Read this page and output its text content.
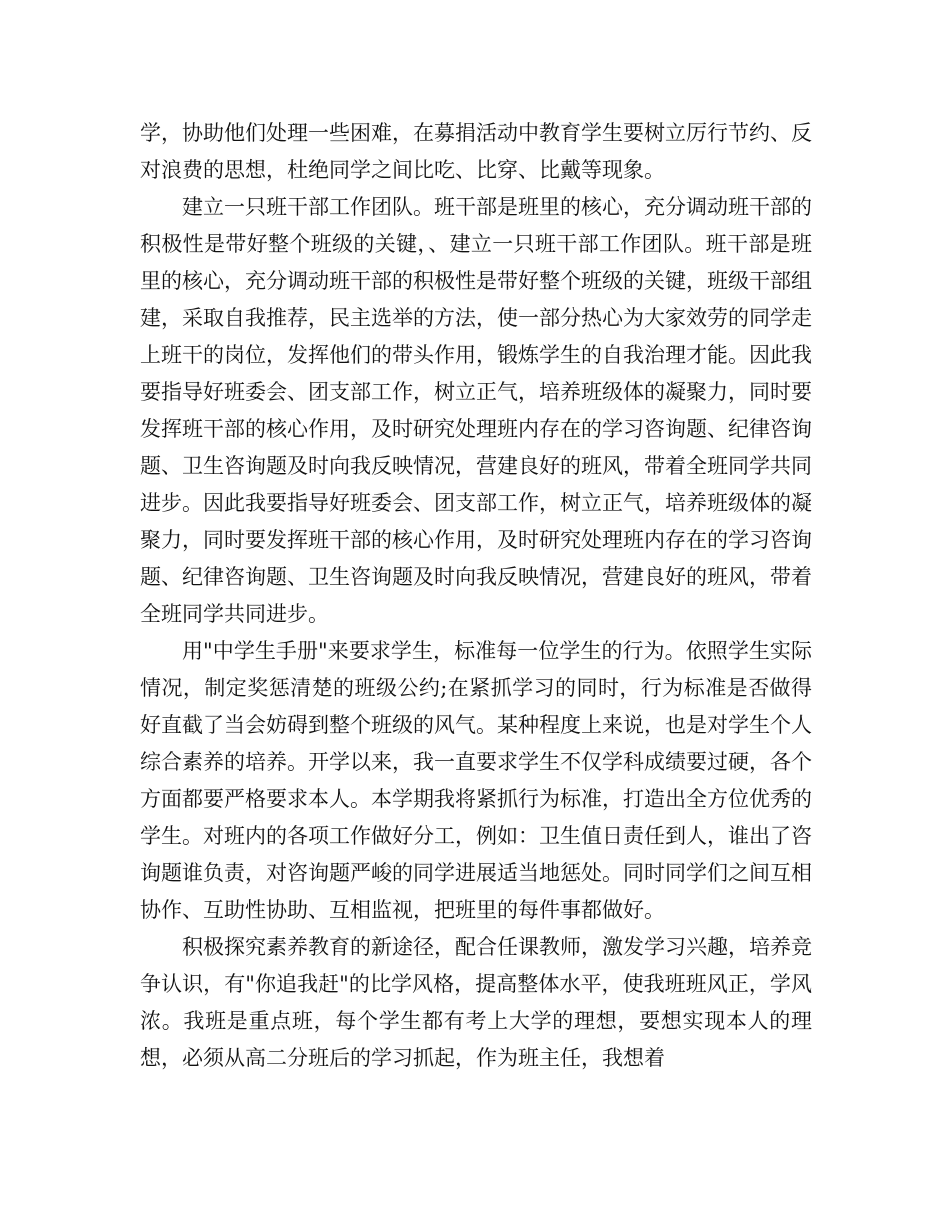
学，协助他们处理一些困难，在募捐活动中教育学生要树立厉行节约、反对浪费的思想，杜绝同学之间比吃、比穿、比戴等现象。

建立一只班干部工作团队。班干部是班里的核心，充分调动班干部的积极性是带好整个班级的关键，、建立一只班干部工作团队。班干部是班里的核心，充分调动班干部的积极性是带好整个班级的关键，班级干部组建，采取自我推荐，民主选举的方法，使一部分热心为大家效劳的同学走上班干的岗位，发挥他们的带头作用，锻炼学生的自我治理才能。因此我要指导好班委会、团支部工作，树立正气，培养班级体的凝聚力，同时要发挥班干部的核心作用，及时研究处理班内存在的学习咨询题、纪律咨询题、卫生咨询题及时向我反映情况，营建良好的班风，带着全班同学共同进步。因此我要指导好班委会、团支部工作，树立正气，培养班级体的凝聚力，同时要发挥班干部的核心作用，及时研究处理班内存在的学习咨询题、纪律咨询题、卫生咨询题及时向我反映情况，营建良好的班风，带着全班同学共同进步。

用"中学生手册"来要求学生，标准每一位学生的行为。依照学生实际情况，制定奖惩清楚的班级公约;在紧抓学习的同时，行为标准是否做得好直截了当会妨碍到整个班级的风气。某种程度上来说，也是对学生个人综合素养的培养。开学以来，我一直要求学生不仅学科成绩要过硬，各个方面都要严格要求本人。本学期我将紧抓行为标准，打造出全方位优秀的学生。对班内的各项工作做好分工，例如：卫生值日责任到人，谁出了咨询题谁负责，对咨询题严峻的同学进展适当地惩处。同时同学们之间互相协作、互助性协助、互相监视，把班里的每件事都做好。

积极探究素养教育的新途径，配合任课教师，激发学习兴趣，培养竞争认识，有"你追我赶"的比学风格，提高整体水平，使我班班风正，学风浓。我班是重点班，每个学生都有考上大学的理想，要想实现本人的理想，必须从高二分班后的学习抓起，作为班主任，我想着
